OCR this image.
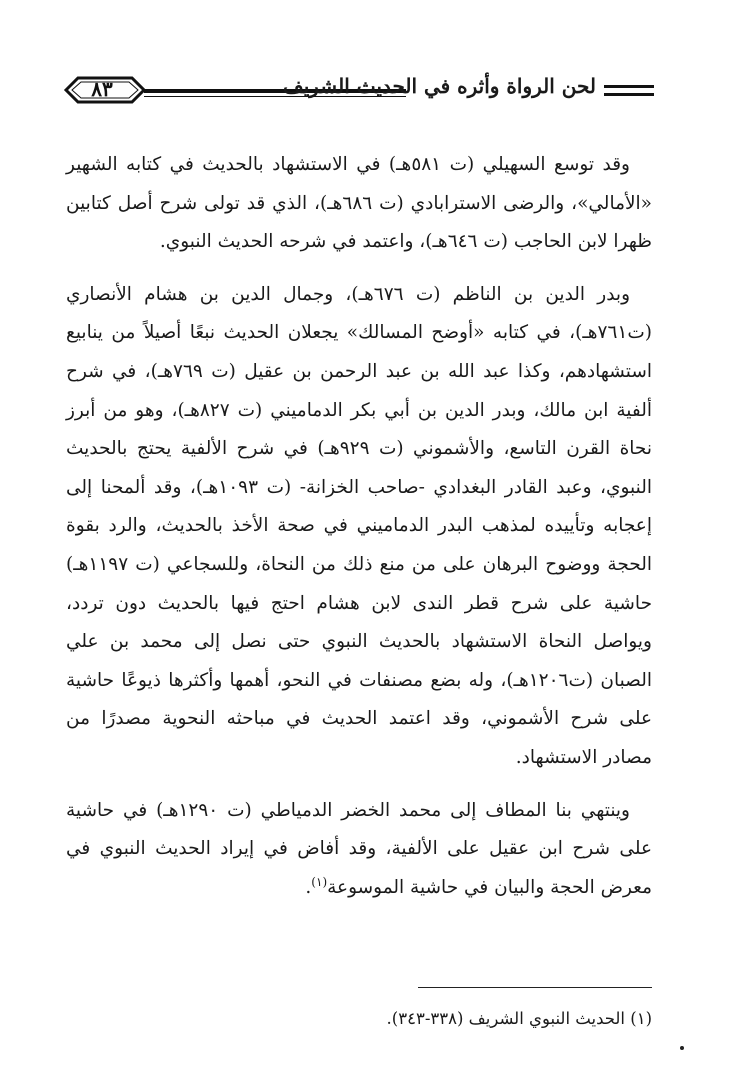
٨٣	لحن الرواة وأثره في الحديث الشريف

وقد توسع السهيلي (ت ٥٨١هـ) في الاستشهاد بالحديث في كتابه الشهير «الأمالي»، والرضى الاسترابادي (ت ٦٨٦هـ)، الذي قد تولى شرح أصل كتابين ظهرا لابن الحاجب (ت ٦٤٦هـ)، واعتمد في شرحه الحديث النبوي.

وبدر الدين بن الناظم (ت ٦٧٦هـ)، وجمال الدين بن هشام الأنصاري (ت٧٦١هـ)، في كتابه «أوضح المسالك» يجعلان الحديث نبعًا أصيلاً من ينابيع استشهادهم، وكذا عبد الله بن عبد الرحمن بن عقيل (ت ٧٦٩هـ)، في شرح ألفية ابن مالك، وبدر الدين بن أبي بكر الدماميني (ت ٨٢٧هـ)، وهو من أبرز نحاة القرن التاسع، والأشموني (ت ٩٢٩هـ) في شرح الألفية يحتج بالحديث النبوي، وعبد القادر البغدادي -صاحب الخزانة- (ت ١٠٩٣هـ)، وقد ألمحنا إلى إعجابه وتأييده لمذهب البدر الدماميني في صحة الأخذ بالحديث، والرد بقوة الحجة ووضوح البرهان على من منع ذلك من النحاة، وللسجاعي (ت ١١٩٧هـ) حاشية على شرح قطر الندى لابن هشام احتج فيها بالحديث دون تردد، ويواصل النحاة الاستشهاد بالحديث النبوي حتى نصل إلى محمد بن علي الصبان (ت١٢٠٦هـ)، وله بضع مصنفات في النحو، أهمها وأكثرها ذيوعًا حاشية على شرح الأشموني، وقد اعتمد الحديث في مباحثه النحوية مصدرًا من مصادر الاستشهاد.

وينتهي بنا المطاف إلى محمد الخضر الدمياطي (ت ١٢٩٠هـ) في حاشية على شرح ابن عقيل على الألفية، وقد أفاض في إيراد الحديث النبوي في معرض الحجة والبيان في حاشية الموسوعة$^{(١)}$.

(١) الحديث النبوي الشريف (٣٣٨-٣٤٣).
